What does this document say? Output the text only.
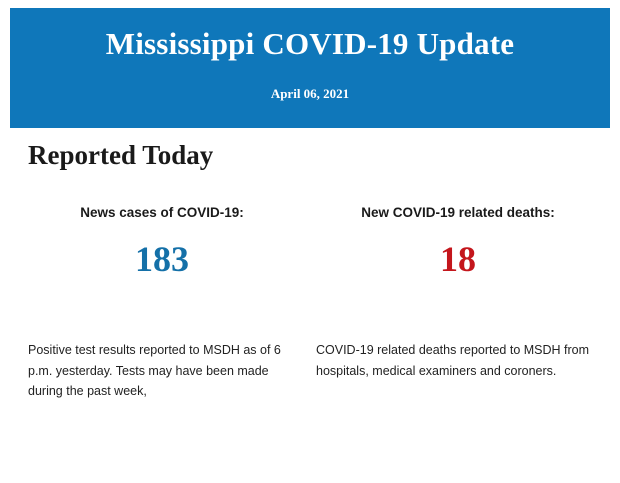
Mississippi COVID-19 Update
April 06, 2021
Reported Today
News cases of COVID-19:
183
New COVID-19 related deaths:
18
Positive test results reported to MSDH as of 6 p.m. yesterday. Tests may have been made during the past week,
COVID-19 related deaths reported to MSDH from hospitals, medical examiners and coroners.
